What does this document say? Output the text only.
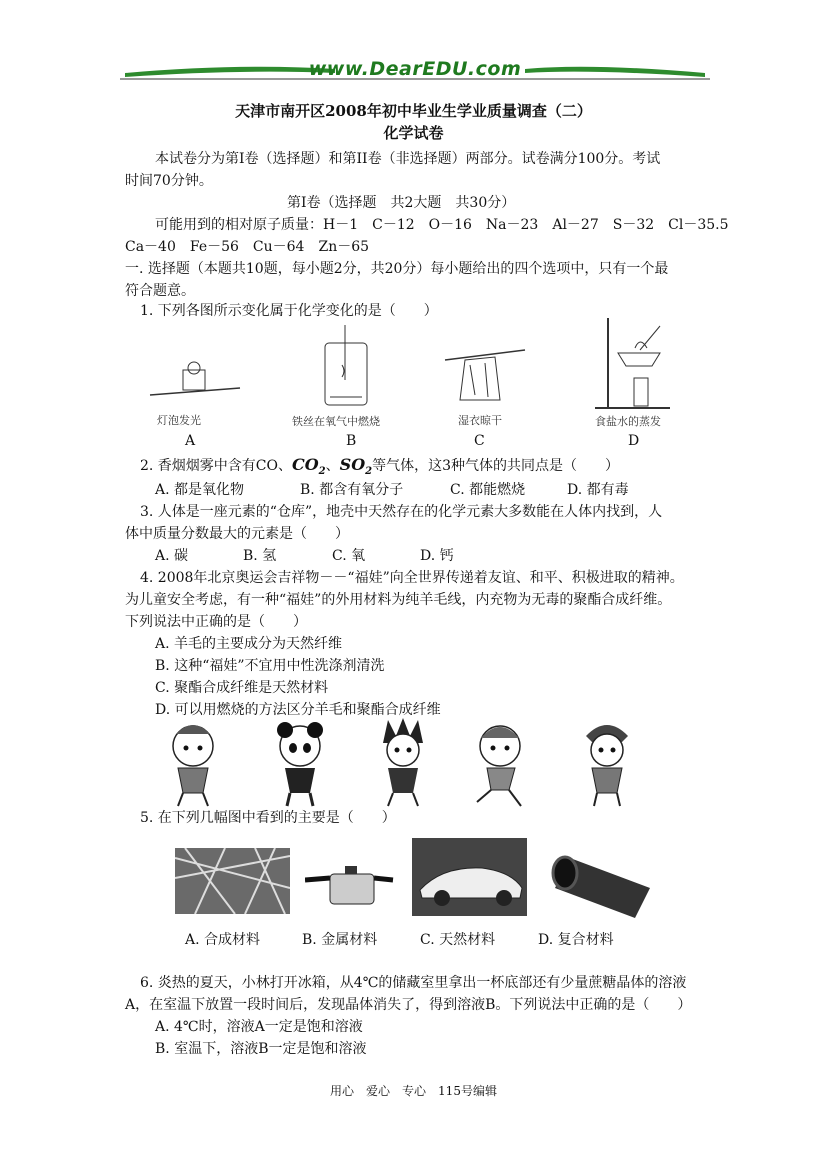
www.DearEDU.com
天津市南开区2008年初中毕业生学业质量调查（二）
化学试卷
本试卷分为第I卷（选择题）和第II卷（非选择题）两部分。试卷满分100分。考试
时间70分钟。
第I卷（选择题　共2大题　共30分）
可能用到的相对原子质量：H－1　C－12　O－16　Na－23　Al－27　S－32　Cl－35.5
Ca－40　Fe－56　Cu－64　Zn－65
一. 选择题（本题共10题，每小题2分，共20分）每小题给出的四个选项中，只有一个最
符合题意。
1. 下列各图所示变化属于化学变化的是（　　）
灯泡发光
A
铁丝在氧气中燃烧
B
湿衣晾干
C
食盐水的蒸发
D
2. 香烟烟雾中含有CO、$CO_2$、$SO_2$等气体，这3种气体的共同点是（　　）
A. 都是氧化物	B. 都含有氧分子	C. 都能燃烧	D. 都有毒
3. 人体是一座元素的“仓库”，地壳中天然存在的化学元素大多数能在人体内找到，人
体中质量分数最大的元素是（　　）
A. 碳	B. 氢	C. 氧	D. 钙
4. 2008年北京奥运会吉祥物－－“福娃”向全世界传递着友谊、和平、积极进取的精神。
为儿童安全考虑，有一种“福娃”的外用材料为纯羊毛线，内充物为无毒的聚酯合成纤维。
下列说法中正确的是（　　）
A. 羊毛的主要成分为天然纤维
B. 这种“福娃”不宜用中性洗涤剂清洗
C. 聚酯合成纤维是天然材料
D. 可以用燃烧的方法区分羊毛和聚酯合成纤维
5. 在下列几幅图中看到的主要是（　　）
A. 合成材料	B. 金属材料	C. 天然材料	D. 复合材料
6. 炎热的夏天，小林打开冰箱，从4℃的储藏室里拿出一杯底部还有少量蔗糖晶体的溶液
A，在室温下放置一段时间后，发现晶体消失了，得到溶液B。下列说法中正确的是（　　）
A. 4℃时，溶液A一定是饱和溶液
B. 室温下，溶液B一定是饱和溶液
用心　爱心　专心　115号编辑
